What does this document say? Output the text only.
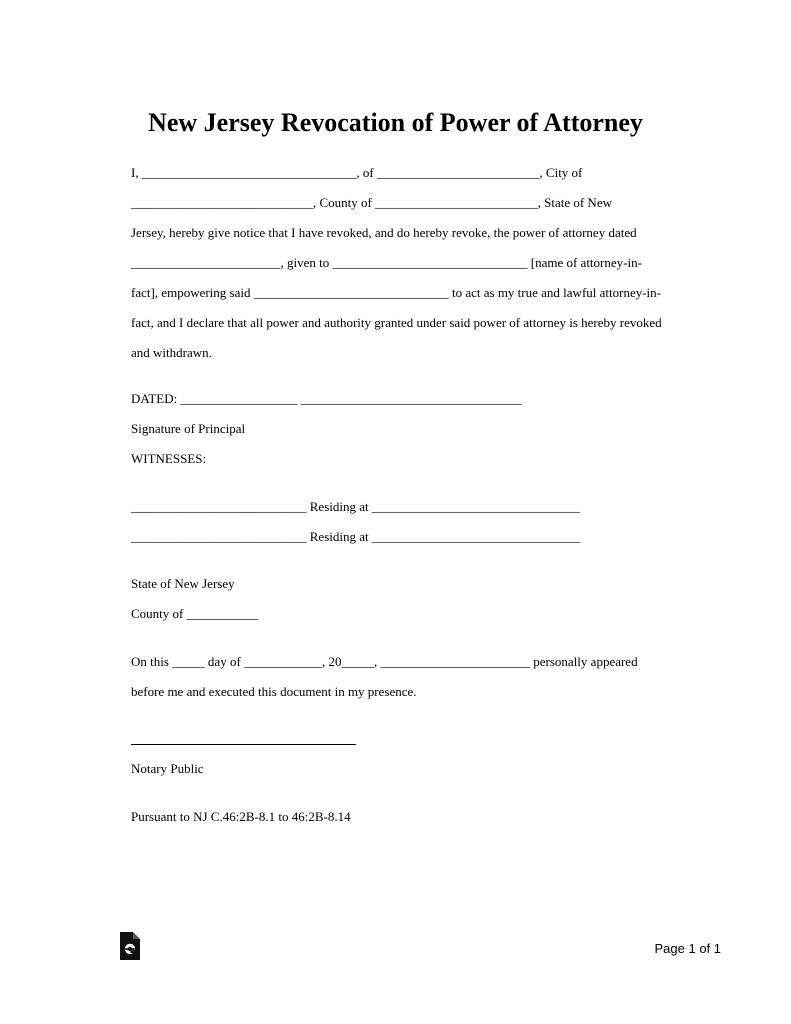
New Jersey Revocation of Power of Attorney
I, _________________________________, of _________________________, City of
____________________________, County of _________________________, State of New
Jersey, hereby give notice that I have revoked, and do hereby revoke, the power of attorney dated
_______________________, given to ______________________________ [name of attorney-in-
fact], empowering said ______________________________ to act as my true and lawful attorney-in-
fact, and I declare that all power and authority granted under said power of attorney is hereby revoked
and withdrawn.
DATED: __________________ __________________________________
Signature of Principal
WITNESSES:
___________________________ Residing at ________________________________
___________________________ Residing at ________________________________
State of New Jersey
County of ___________
On this _____ day of ____________, 20_____, _______________________ personally appeared
before me and executed this document in my presence.
Notary Public
Pursuant to NJ C.46:2B-8.1 to 46:2B-8.14
Page 1 of 1
